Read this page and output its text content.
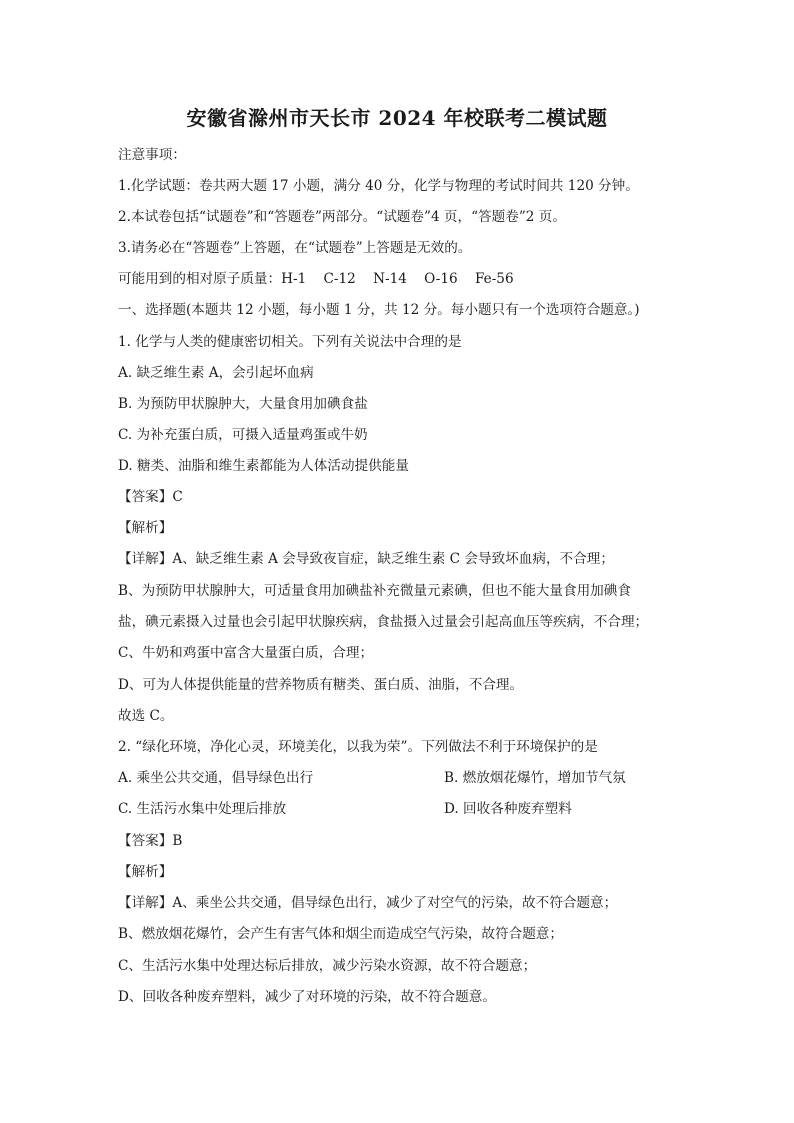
安徽省滁州市天长市 2024 年校联考二模试题
注意事项：
1.化学试题：卷共两大题 17 小题，满分 40 分，化学与物理的考试时间共 120 分钟。
2.本试卷包括“试题卷”和“答题卷”两部分。“试题卷”4 页，“答题卷”2 页。
3.请务必在“答题卷”上答题，在“试题卷”上答题是无效的。
可能用到的相对原子质量：H-1    C-12    N-14    O-16    Fe-56
一、选择题(本题共 12 小题，每小题 1 分，共 12 分。每小题只有一个选项符合题意。)
1. 化学与人类的健康密切相关。下列有关说法中合理的是
A. 缺乏维生素 A，会引起坏血病
B. 为预防甲状腺肿大，大量食用加碘食盐
C. 为补充蛋白质，可摄入适量鸡蛋或牛奶
D. 糖类、油脂和维生素都能为人体活动提供能量
【答案】C
【解析】
【详解】A、缺乏维生素 A 会导致夜盲症，缺乏维生素 C 会导致坏血病，不合理；
B、为预防甲状腺肿大，可适量食用加碘盐补充微量元素碘，但也不能大量食用加碘食
盐，碘元素摄入过量也会引起甲状腺疾病，食盐摄入过量会引起高血压等疾病，不合理；
C、牛奶和鸡蛋中富含大量蛋白质，合理；
D、可为人体提供能量的营养物质有糖类、蛋白质、油脂，不合理。
故选 C。
2. “绿化环境，净化心灵，环境美化，以我为荣”。下列做法不利于环境保护的是
A. 乘坐公共交通，倡导绿色出行	B. 燃放烟花爆竹，增加节气氛
C. 生活污水集中处理后排放	D. 回收各种废弃塑料
【答案】B
【解析】
【详解】A、乘坐公共交通，倡导绿色出行，减少了对空气的污染，故不符合题意；
B、燃放烟花爆竹，会产生有害气体和烟尘而造成空气污染，故符合题意；
C、生活污水集中处理达标后排放，减少污染水资源，故不符合题意；
D、回收各种废弃塑料，减少了对环境的污染，故不符合题意。
